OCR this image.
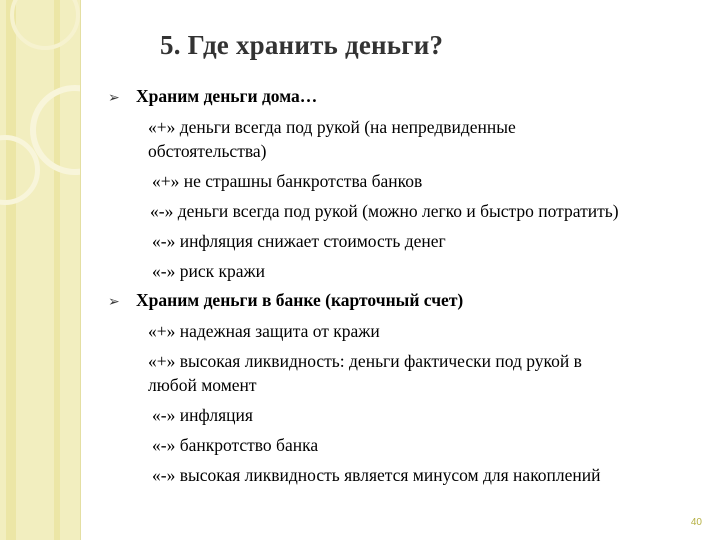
5. Где хранить деньги?
➢ Храним деньги дома…
«+» деньги всегда под рукой (на непредвиденные
обстоятельства)
«+» не страшны банкротства банков
«-» деньги всегда под рукой (можно легко и быстро потратить)
«-» инфляция снижает стоимость денег
«-» риск кражи
➢ Храним деньги в банке (карточный счет)
«+» надежная защита от кражи
«+» высокая ликвидность: деньги фактически под рукой в
любой момент
«-» инфляция
«-» банкротство банка
«-» высокая ликвидность является минусом для накоплений
40
